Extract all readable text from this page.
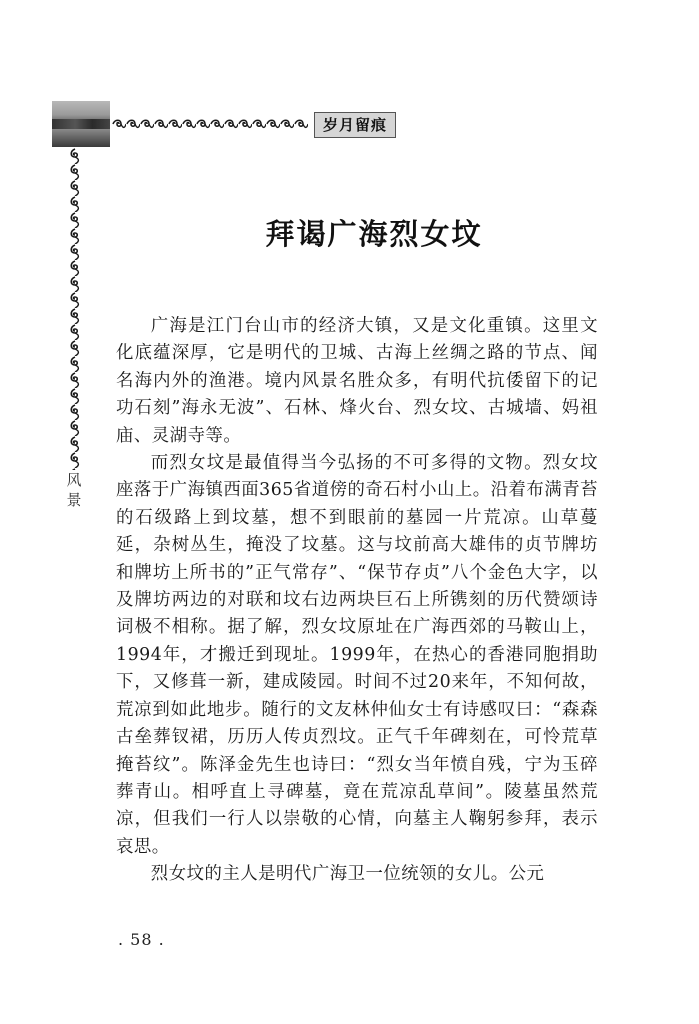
岁月留痕
风
景
拜谒广海烈女坟

广海是江门台山市的经济大镇，又是文化重镇。这里文化底蕴深厚，它是明代的卫城、古海上丝绸之路的节点、闻名海内外的渔港。境内风景名胜众多，有明代抗倭留下的记功石刻”海永无波”、石林、烽火台、烈女坟、古城墙、妈祖庙、灵湖寺等。

而烈女坟是最值得当今弘扬的不可多得的文物。烈女坟座落于广海镇西面365省道傍的奇石村小山上。沿着布满青苔的石级路上到坟墓，想不到眼前的墓园一片荒凉。山草蔓延，杂树丛生，掩没了坟墓。这与坟前高大雄伟的贞节牌坊和牌坊上所书的”正气常存”、“保节存贞”八个金色大字，以及牌坊两边的对联和坟右边两块巨石上所镌刻的历代赞颂诗词极不相称。据了解，烈女坟原址在广海西郊的马鞍山上，1994年，才搬迁到现址。1999年，在热心的香港同胞捐助下，又修葺一新，建成陵园。时间不过20来年，不知何故，荒凉到如此地步。随行的文友林仲仙女士有诗感叹曰：“森森古垒葬钗裙，历历人传贞烈坟。正气千年碑刻在，可怜荒草掩苔纹”。陈泽金先生也诗曰：“烈女当年愤自残，宁为玉碎葬青山。相呼直上寻碑墓，竟在荒凉乱草间”。陵墓虽然荒凉，但我们一行人以崇敬的心情，向墓主人鞠躬参拜，表示哀思。

烈女坟的主人是明代广海卫一位统领的女儿。公元

. 58 .
